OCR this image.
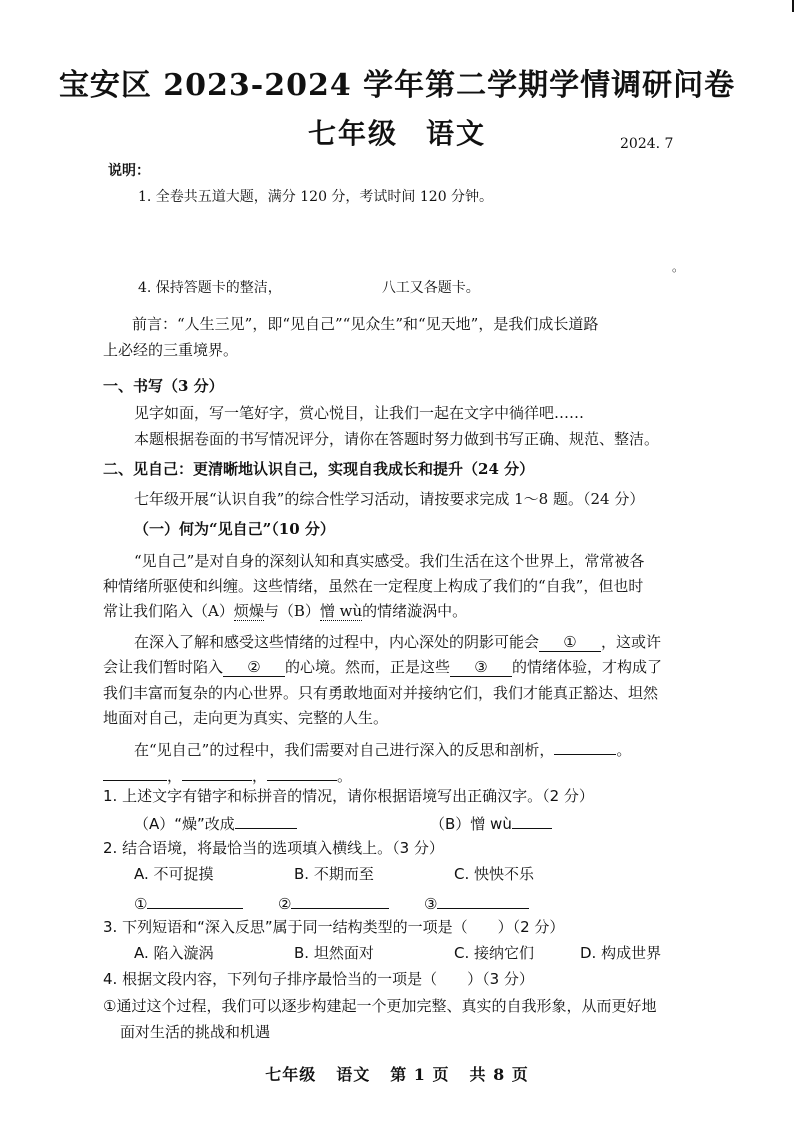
宝安区 2023-2024 学年第二学期学情调研问卷
七年级 语文	2024. 7
说明：
1. 全卷共五道大题，满分 120 分，考试时间 120 分钟。
。
4. 保持答题卡的整洁，	八工又各题卡。
前言：“人生三见”，即“见自己”“见众生”和“见天地”，是我们成长道路
上必经的三重境界。
一、书写（3 分）
见字如面，写一笔好字，赏心悦目，让我们一起在文字中徜徉吧……
本题根据卷面的书写情况评分，请你在答题时努力做到书写正确、规范、整洁。
二、见自己：更清晰地认识自己，实现自我成长和提升（24 分）
七年级开展“认识自我”的综合性学习活动，请按要求完成 1～8 题。（24 分）
（一）何为“见自己”（10 分）
“见自己”是对自身的深刻认知和真实感受。我们生活在这个世界上，常常被各
种情绪所驱使和纠缠。这些情绪，虽然在一定程度上构成了我们的“自我”，但也时
常让我们陷入（A）烦燥与（B）憎 wù的情绪漩涡中。
在深入了解和感受这些情绪的过程中，内心深处的阴影可能会 ① ，这或许
会让我们暂时陷入 ② 的心境。然而，正是这些 ③ 的情绪体验，才构成了
我们丰富而复杂的内心世界。只有勇敢地面对并接纳它们，我们才能真正豁达、坦然
地面对自己，走向更为真实、完整的人生。
在“见自己”的过程中，我们需要对自己进行深入的反思和剖析，	。
，	，	。
1. 上述文字有错字和标拼音的情况，请你根据语境写出正确汉字。（2 分）
（A）“燥”改成	（B）憎 wù
2. 结合语境，将最恰当的选项填入横线上。（3 分）
A. 不可捉摸	B. 不期而至	C. 怏怏不乐
①	②	③
3. 下列短语和“深入反思”属于同一结构类型的一项是（　　）（2 分）
A. 陷入漩涡	B. 坦然面对	C. 接纳它们	D. 构成世界
4. 根据文段内容，下列句子排序最恰当的一项是（　　）（3 分）
①通过这个过程，我们可以逐步构建起一个更加完整、真实的自我形象，从而更好地
面对生活的挑战和机遇
七年级 语文 第 1 页 共 8 页
